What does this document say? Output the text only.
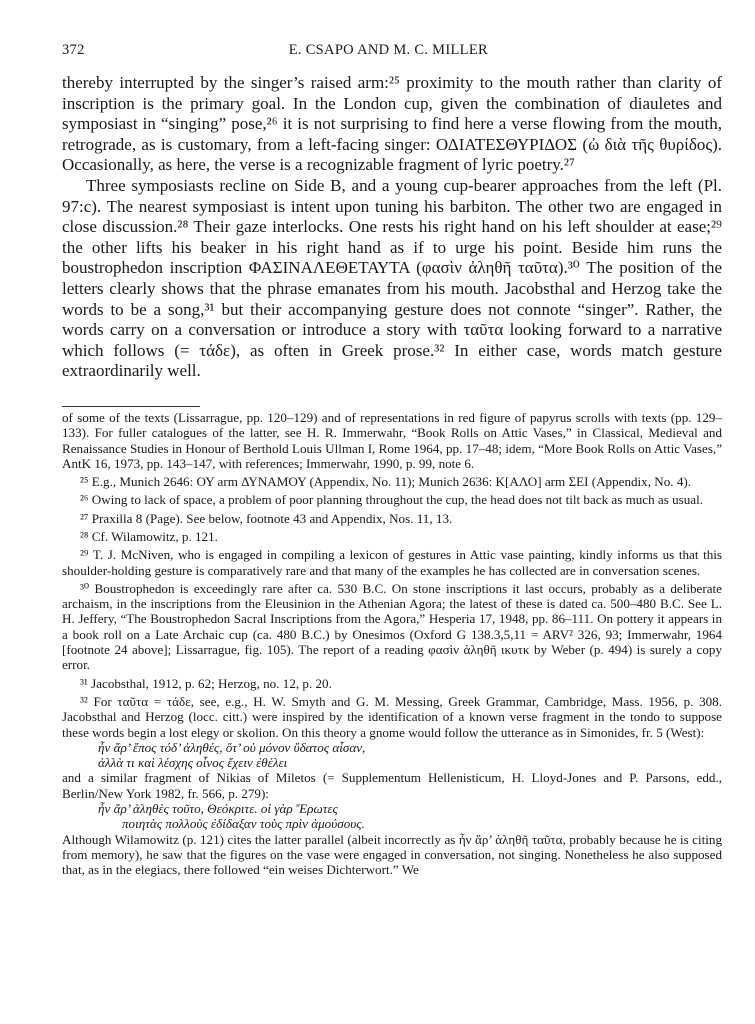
372	E. CSAPO AND M. C. MILLER

thereby interrupted by the singer’s raised arm:²⁵ proximity to the mouth rather than clarity of inscription is the primary goal. In the London cup, given the combination of diauletes and symposiast in “singing” pose,²⁶ it is not surprising to find here a verse flowing from the mouth, retrograde, as is customary, from a left-facing singer: ΟΔΙΑΤΕΣΘΥΡΙΔΟΣ (ὠ διὰ τῆς θυρίδος). Occasionally, as here, the verse is a recognizable fragment of lyric poetry.²⁷

Three symposiasts recline on Side B, and a young cup-bearer approaches from the left (Pl. 97:c). The nearest symposiast is intent upon tuning his barbiton. The other two are engaged in close discussion.²⁸ Their gaze interlocks. One rests his right hand on his left shoulder at ease;²⁹ the other lifts his beaker in his right hand as if to urge his point. Beside him runs the boustrophedon inscription ΦΑΣΙΝΑΛΕΘΕΤΑΥΤΑ (φασὶν ἀληθῆ ταῦτα).³⁰ The position of the letters clearly shows that the phrase emanates from his mouth. Jacobsthal and Herzog take the words to be a song,³¹ but their accompanying gesture does not connote “singer”. Rather, the words carry on a conversation or introduce a story with ταῦτα looking forward to a narrative which follows (= τάδε), as often in Greek prose.³² In either case, words match gesture extraordinarily well.

of some of the texts (Lissarrague, pp. 120–129) and of representations in red figure of papyrus scrolls with texts (pp. 129–133). For fuller catalogues of the latter, see H. R. Immerwahr, “Book Rolls on Attic Vases,” in Classical, Medieval and Renaissance Studies in Honour of Berthold Louis Ullman I, Rome 1964, pp. 17–48; idem, “More Book Rolls on Attic Vases,” AntK 16, 1973, pp. 143–147, with references; Immerwahr, 1990, p. 99, note 6.

²⁵ E.g., Munich 2646: ΟΥ arm ΔΥΝΑΜΟΥ (Appendix, No. 11); Munich 2636: Κ[ΑΛΟ] arm ΣΕΙ (Appendix, No. 4).

²⁶ Owing to lack of space, a problem of poor planning throughout the cup, the head does not tilt back as much as usual.

²⁷ Praxilla 8 (Page). See below, footnote 43 and Appendix, Nos. 11, 13.

²⁸ Cf. Wilamowitz, p. 121.

²⁹ T. J. McNiven, who is engaged in compiling a lexicon of gestures in Attic vase painting, kindly informs us that this shoulder-holding gesture is comparatively rare and that many of the examples he has collected are in conversation scenes.

³⁰ Boustrophedon is exceedingly rare after ca. 530 B.C. On stone inscriptions it last occurs, probably as a deliberate archaism, in the inscriptions from the Eleusinion in the Athenian Agora; the latest of these is dated ca. 500–480 B.C. See L. H. Jeffery, “The Boustrophedon Sacral Inscriptions from the Agora,” Hesperia 17, 1948, pp. 86–111. On pottery it appears in a book roll on a Late Archaic cup (ca. 480 B.C.) by Onesimos (Oxford G 138.3,5,11 = ARV² 326, 93; Immerwahr, 1964 [footnote 24 above]; Lissarrague, fig. 105). The report of a reading φασὶν ἀληθῆ ικυτκ by Weber (p. 494) is surely a copy error.

³¹ Jacobsthal, 1912, p. 62; Herzog, no. 12, p. 20.

³² For ταῦτα = τάδε, see, e.g., H. W. Smyth and G. M. Messing, Greek Grammar, Cambridge, Mass. 1956, p. 308. Jacobsthal and Herzog (locc. citt.) were inspired by the identification of a known verse fragment in the tondo to suppose these words begin a lost elegy or skolion. On this theory a gnome would follow the utterance as in Simonides, fr. 5 (West):

ἦν ἄρ’ ἔπος τόδ’ ἀληθές, ὅτ’ οὐ μόνον ὕδατος αἶσαν,

ἀλλὰ τι καὶ λέσχης οἶνος ἔχειν ἐθέλει

and a similar fragment of Nikias of Miletos (= Supplementum Hellenisticum, H. Lloyd-Jones and P. Parsons, edd., Berlin/New York 1982, fr. 566, p. 279):

ἦν ἄρ’ ἀληθὲς τοῦτο, Θεόκριτε. οἱ γὰρ Ἔρωτες

ποιητὰς πολλοὺς ἐδίδαξαν τοὺς πρὶν ἀμούσους.

Although Wilamowitz (p. 121) cites the latter parallel (albeit incorrectly as ἦν ἄρ’ ἀληθῆ ταῦτα, probably because he is citing from memory), he saw that the figures on the vase were engaged in conversation, not singing. Nonetheless he also supposed that, as in the elegiacs, there followed “ein weises Dichterwort.” We
